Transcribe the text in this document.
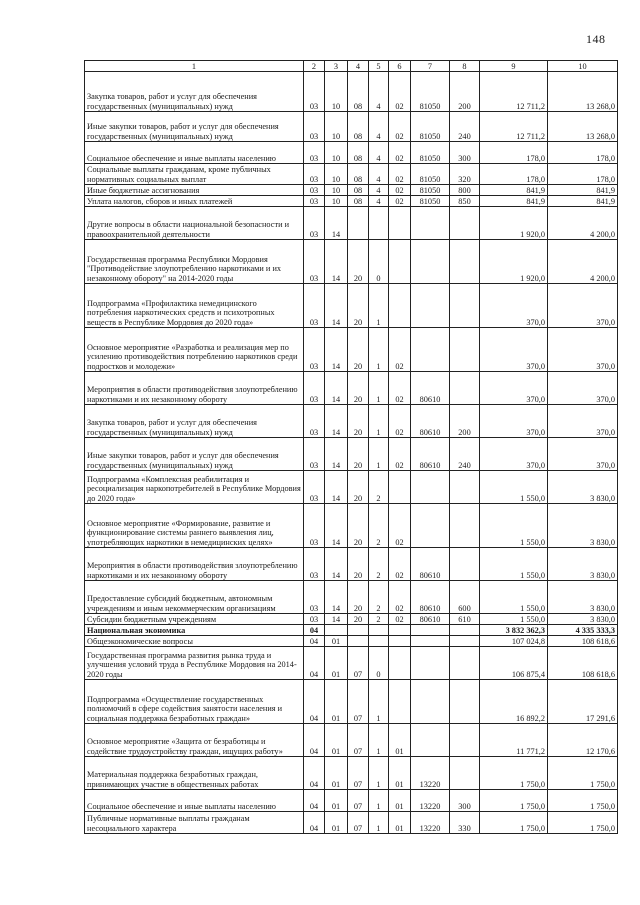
148
1	2	3	4	5	6	7	8	9	10
Закупка товаров, работ и услуг для обеспечения государственных (муниципальных) нужд	03	10	08	4	02	81050	200	12 711,2	13 268,0
Иные закупки товаров, работ и услуг для обеспечения государственных (муниципальных) нужд	03	10	08	4	02	81050	240	12 711,2	13 268,0
Социальное обеспечение и иные выплаты населению	03	10	08	4	02	81050	300	178,0	178,0
Социальные выплаты гражданам, кроме публичных нормативных социальных выплат	03	10	08	4	02	81050	320	178,0	178,0
Иные бюджетные ассигнования	03	10	08	4	02	81050	800	841,9	841,9
Уплата налогов, сборов и иных платежей	03	10	08	4	02	81050	850	841,9	841,9
Другие вопросы в области национальной безопасности и правоохранительной деятельности	03	14						1 920,0	4 200,0
Государственная программа Республики Мордовия "Противодействие злоупотреблению наркотиками и их незаконному обороту" на 2014-2020 годы	03	14	20	0				1 920,0	4 200,0
Подпрограмма «Профилактика немедицинского потребления наркотических средств и психотропных веществ в Республике Мордовия до 2020 года»	03	14	20	1				370,0	370,0
Основное мероприятие «Разработка и реализация мер по усилению противодействия потреблению наркотиков среди подростков и молодежи»	03	14	20	1	02			370,0	370,0
Мероприятия в области противодействия злоупотреблению наркотиками и их незаконному обороту	03	14	20	1	02	80610		370,0	370,0
Закупка товаров, работ и услуг для обеспечения государственных (муниципальных) нужд	03	14	20	1	02	80610	200	370,0	370,0
Иные закупки товаров, работ и услуг для обеспечения государственных (муниципальных) нужд	03	14	20	1	02	80610	240	370,0	370,0
Подпрограмма «Комплексная реабилитация и ресоциализация наркопотребителей в Республике Мордовия до 2020 года»	03	14	20	2				1 550,0	3 830,0
Основное мероприятие «Формирование, развитие и функционирование системы раннего выявления лиц, употребляющих наркотики в немедицинских целях»	03	14	20	2	02			1 550,0	3 830,0
Мероприятия в области противодействия злоупотреблению наркотиками и их незаконному обороту	03	14	20	2	02	80610		1 550,0	3 830,0
Предоставление субсидий бюджетным, автономным учреждениям и иным некоммерческим организациям	03	14	20	2	02	80610	600	1 550,0	3 830,0
Субсидии бюджетным учреждениям	03	14	20	2	02	80610	610	1 550,0	3 830,0
Национальная экономика	04							3 832 362,3	4 335 333,3
Общеэкономические вопросы	04	01						107 024,8	108 618,6
Государственная программа развития рынка труда и улучшения условий труда в Республике Мордовия на 2014-2020 годы	04	01	07	0				106 875,4	108 618,6
Подпрограмма «Осуществление государственных полномочий в сфере содействия занятости населения и социальная поддержка безработных граждан»	04	01	07	1				16 892,2	17 291,6
Основное мероприятие «Защита от безработицы и содействие трудоустройству граждан, ищущих работу»	04	01	07	1	01			11 771,2	12 170,6
Материальная поддержка безработных граждан, принимающих участие в общественных работах	04	01	07	1	01	13220		1 750,0	1 750,0
Социальное обеспечение и иные выплаты населению	04	01	07	1	01	13220	300	1 750,0	1 750,0
Публичные нормативные выплаты гражданам несоциального характера	04	01	07	1	01	13220	330	1 750,0	1 750,0
